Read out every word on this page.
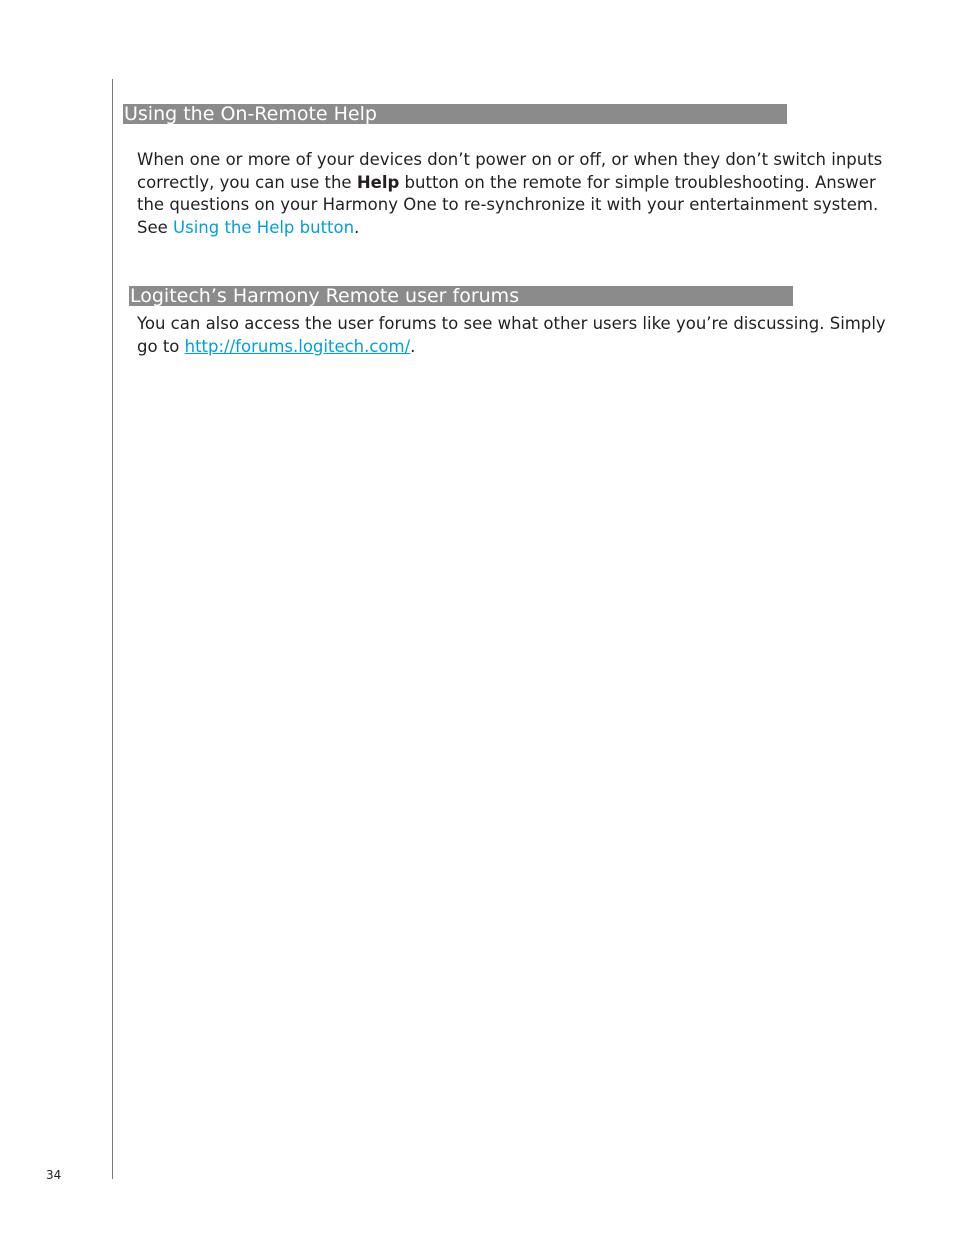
Using the On-Remote Help

When one or more of your devices don’t power on or off, or when they don’t switch inputs correctly, you can use the Help button on the remote for simple troubleshooting. Answer the questions on your Harmony One to re-synchronize it with your entertainment system. See Using the Help button.

Logitech’s Harmony Remote user forums

You can also access the user forums to see what other users like you’re discussing. Simply go to http://forums.logitech.com/.

34
